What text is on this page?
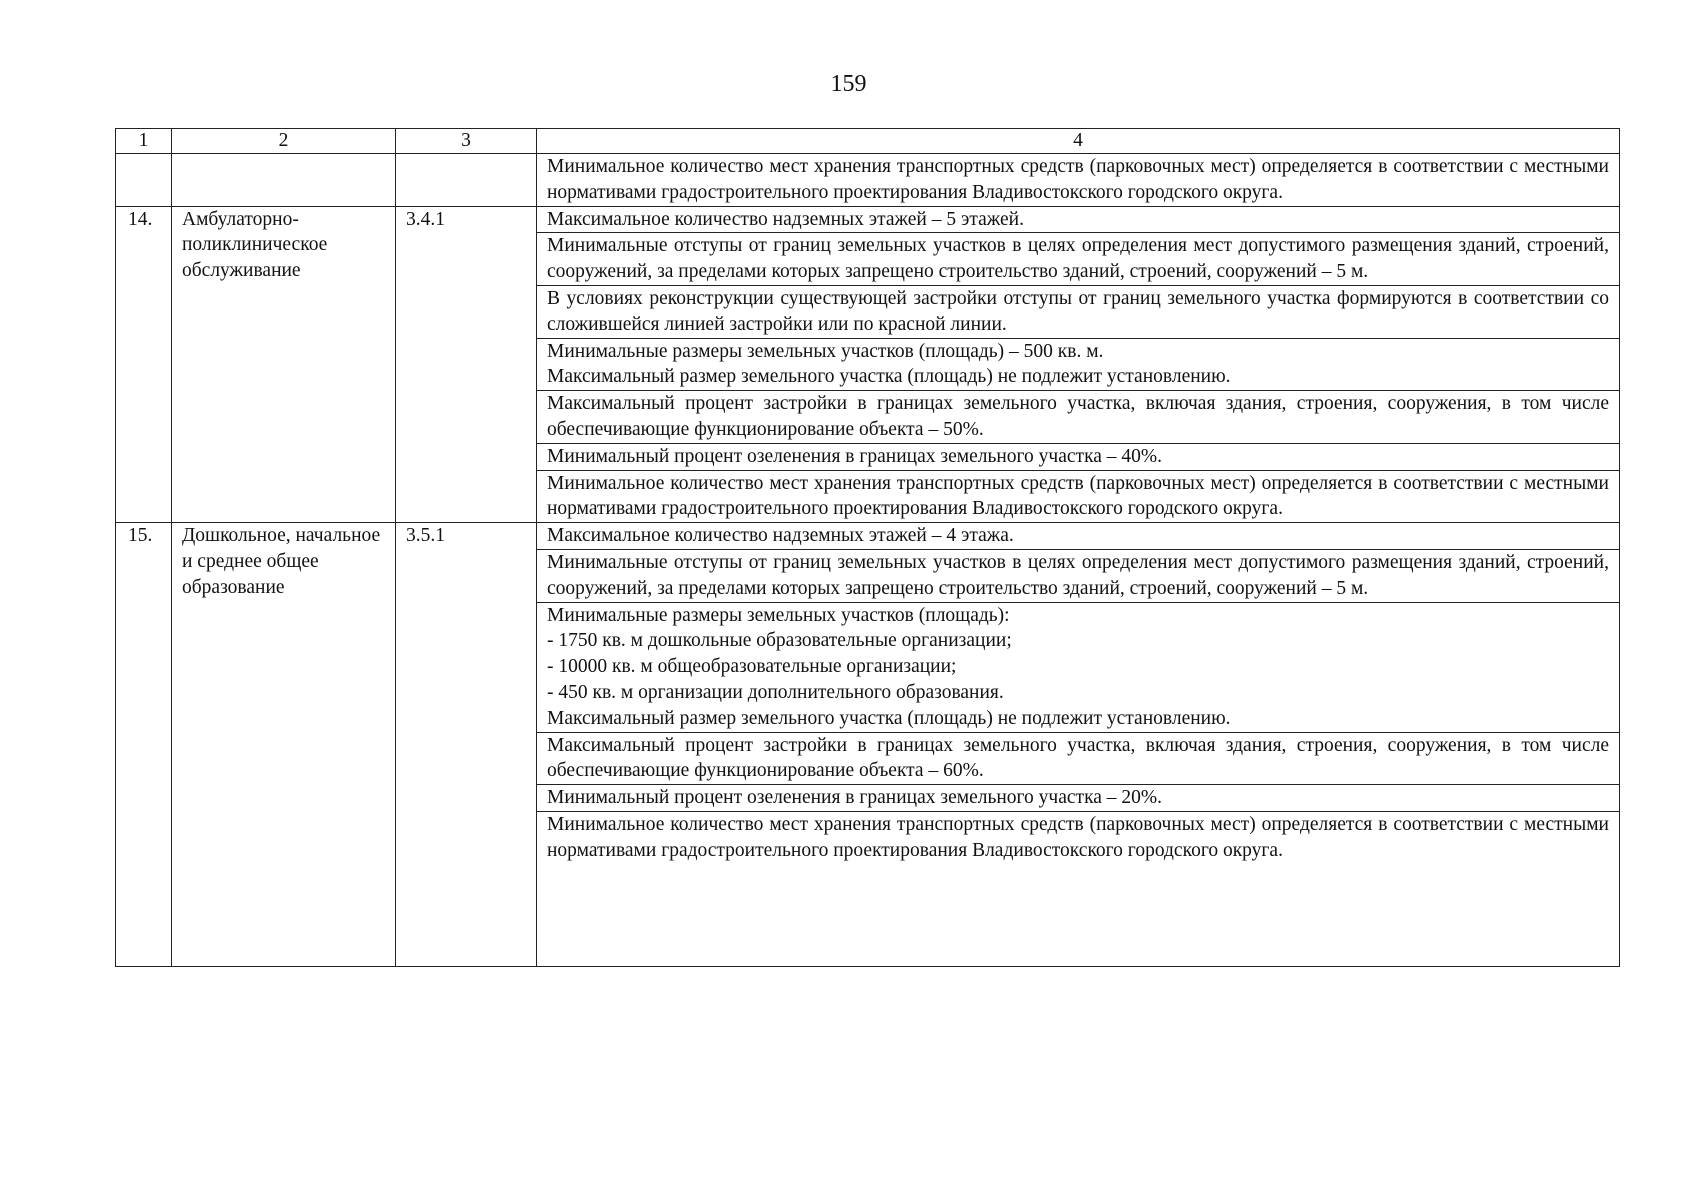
159
1	2	3	4
			Минимальное количество мест хранения транспортных средств (парковочных мест) определяется в соответствии с местными нормативами градостроительного проектирования Владивостокского городского округа.
14.	Амбулаторно-поликлиническое обслуживание	3.4.1	Максимальное количество надземных этажей – 5 этажей.
			Минимальные отступы от границ земельных участков в целях определения мест допустимого размещения зданий, строений, сооружений, за пределами которых запрещено строительство зданий, строений, сооружений – 5 м.
			В условиях реконструкции существующей застройки отступы от границ земельного участка формируются в соответствии со сложившейся линией застройки или по красной линии.
			Минимальные размеры земельных участков (площадь) – 500 кв. м.
Максимальный размер земельного участка (площадь) не подлежит установлению.
			Максимальный процент застройки в границах земельного участка, включая здания, строения, сооружения, в том числе обеспечивающие функционирование объекта – 50%.
			Минимальный процент озеленения в границах земельного участка – 40%.
			Минимальное количество мест хранения транспортных средств (парковочных мест) определяется в соответствии с местными нормативами градостроительного проектирования Владивостокского городского округа.
15.	Дошкольное, начальное и среднее общее образование	3.5.1	Максимальное количество надземных этажей – 4 этажа.
			Минимальные отступы от границ земельных участков в целях определения мест допустимого размещения зданий, строений, сооружений, за пределами которых запрещено строительство зданий, строений, сооружений – 5 м.
			Минимальные размеры земельных участков (площадь):
- 1750 кв. м дошкольные образовательные организации;
- 10000 кв. м общеобразовательные организации;
- 450 кв. м организации дополнительного образования.
Максимальный размер земельного участка (площадь) не подлежит установлению.
			Максимальный процент застройки в границах земельного участка, включая здания, строения, сооружения, в том числе обеспечивающие функционирование объекта – 60%.
			Минимальный процент озеленения в границах земельного участка – 20%.
			Минимальное количество мест хранения транспортных средств (парковочных мест) определяется в соответствии с местными нормативами градостроительного проектирования Владивостокского городского округа.
